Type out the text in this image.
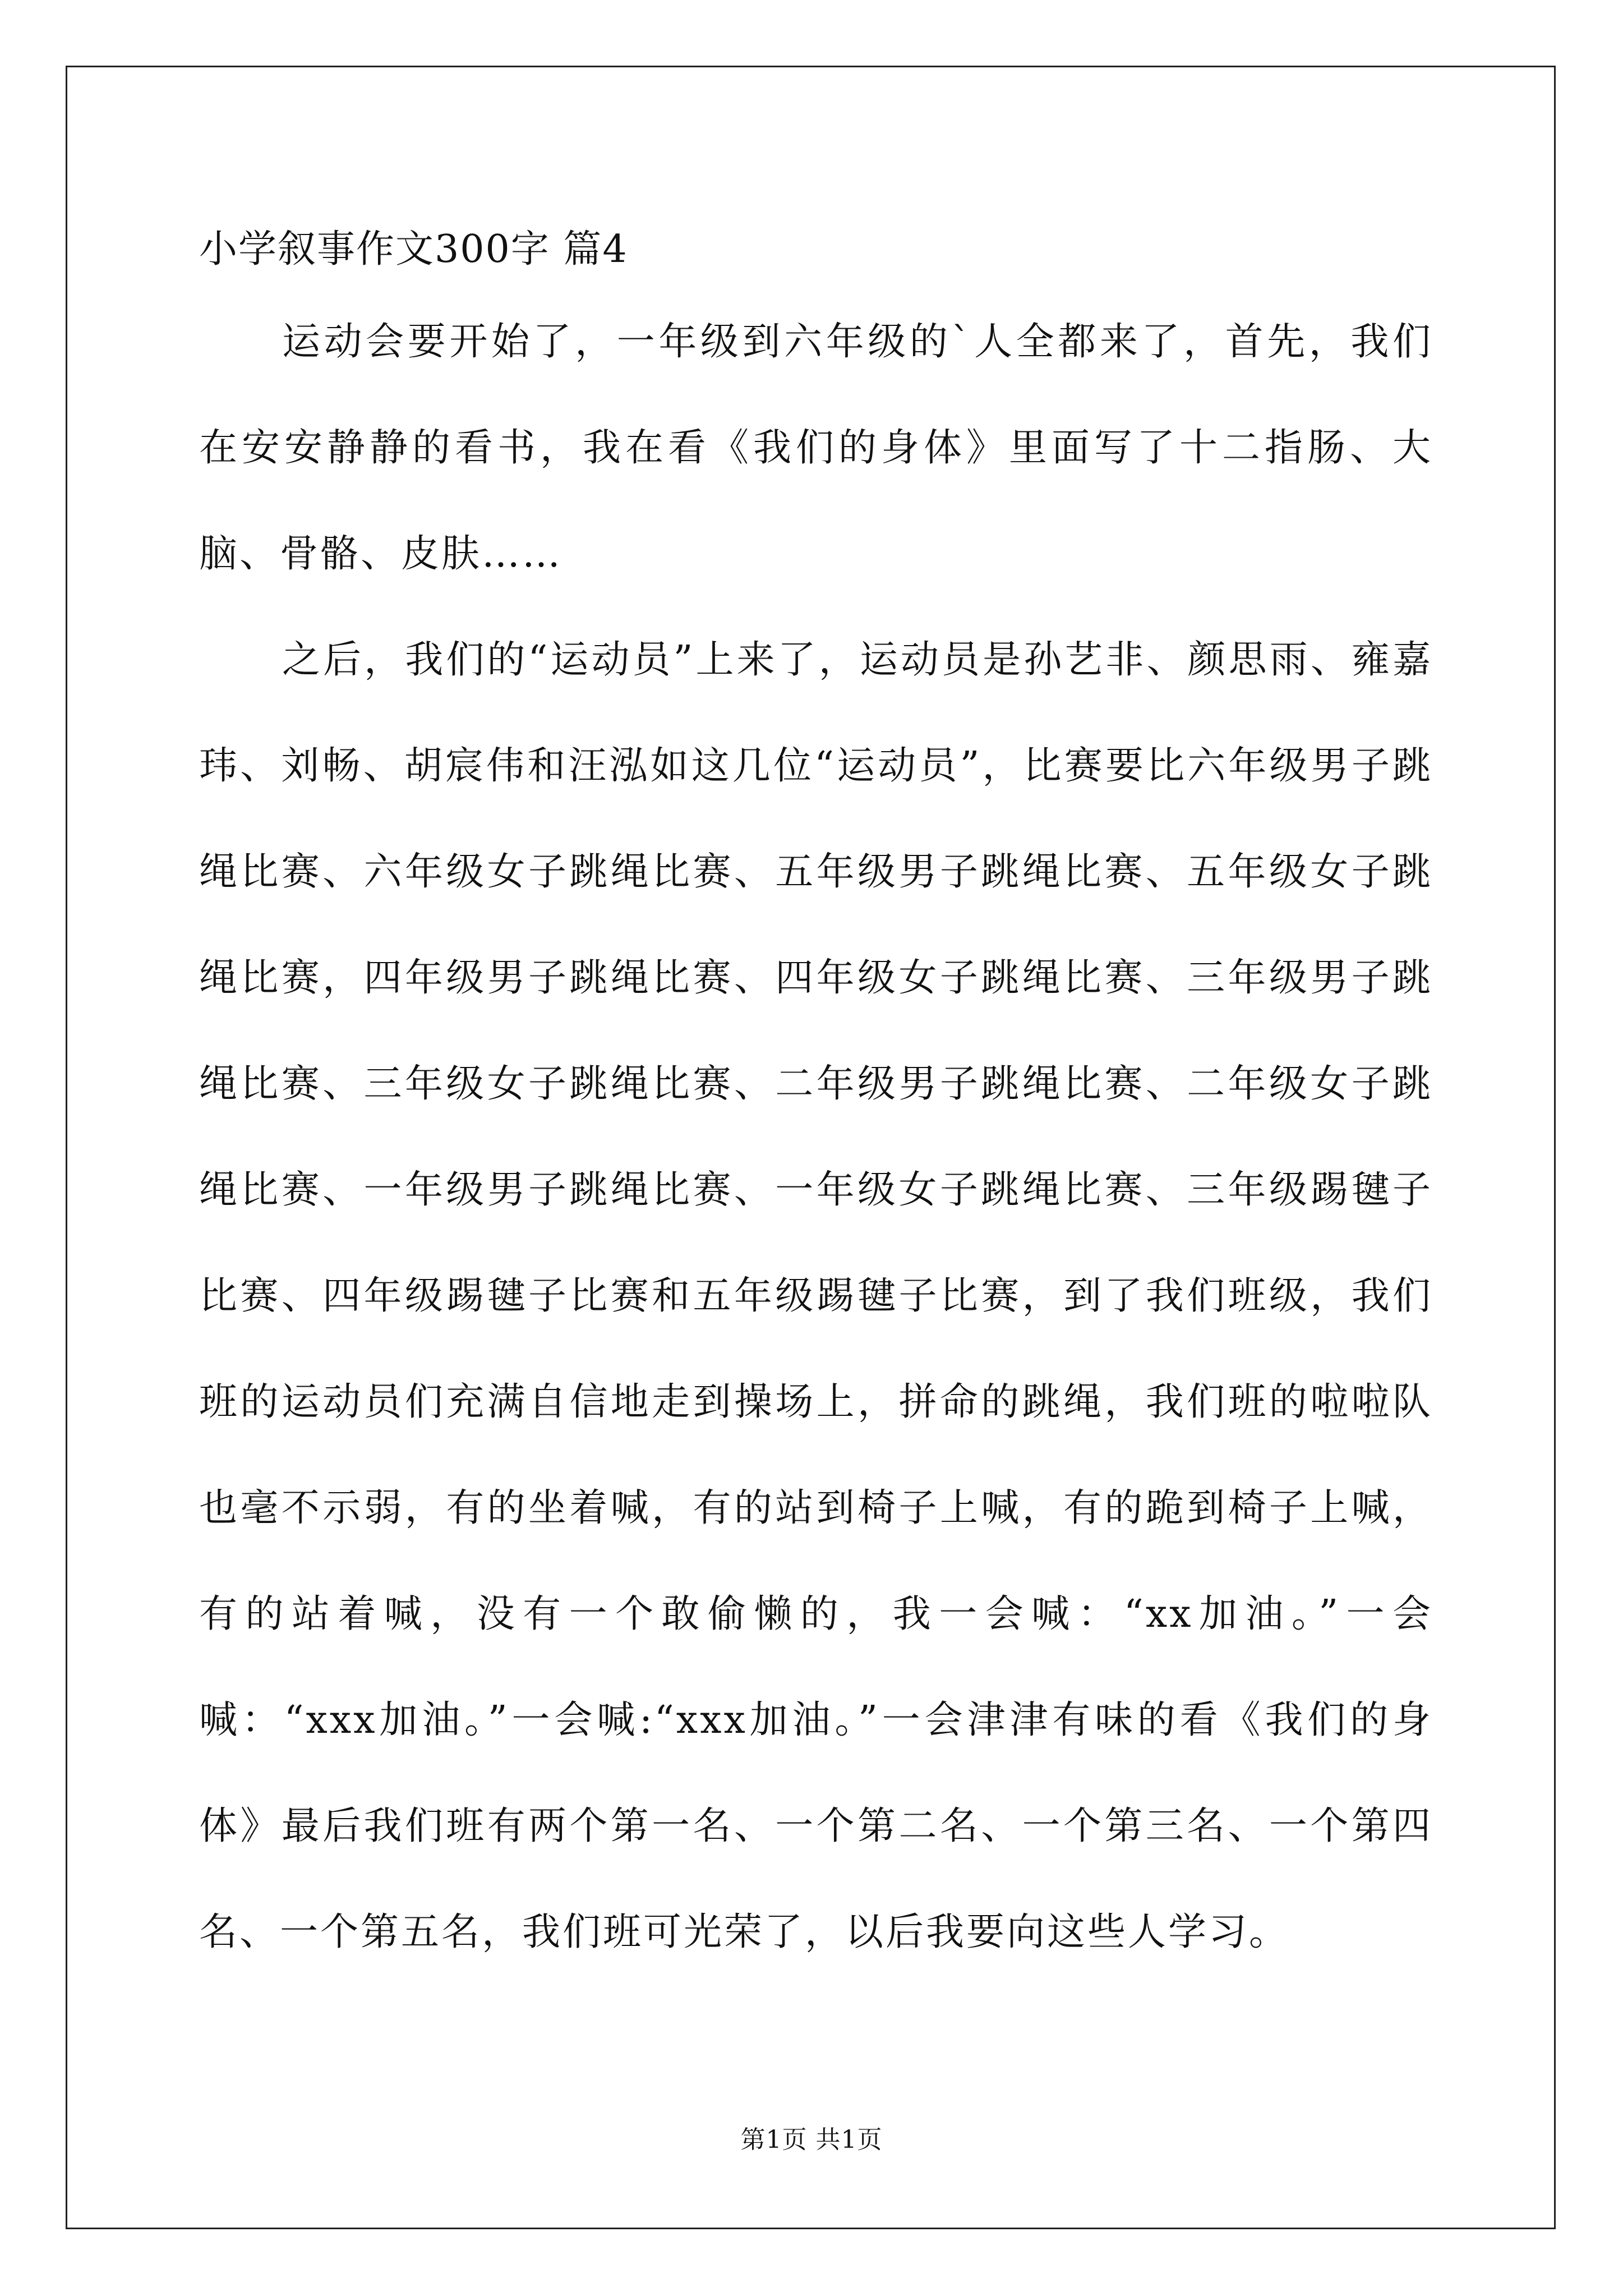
小学叙事作文300字 篇4

运动会要开始了，一年级到六年级的`人全都来了，首先，我们在安安静静的看书，我在看《我们的身体》里面写了十二指肠、大脑、骨骼、皮肤……

之后，我们的“运动员”上来了，运动员是孙艺非、颜思雨、雍嘉玮、刘畅、胡宸伟和汪泓如这几位“运动员”，比赛要比六年级男子跳绳比赛、六年级女子跳绳比赛、五年级男子跳绳比赛、五年级女子跳绳比赛，四年级男子跳绳比赛、四年级女子跳绳比赛、三年级男子跳绳比赛、三年级女子跳绳比赛、二年级男子跳绳比赛、二年级女子跳绳比赛、一年级男子跳绳比赛、一年级女子跳绳比赛、三年级踢毽子比赛、四年级踢毽子比赛和五年级踢毽子比赛，到了我们班级，我们班的运动员们充满自信地走到操场上，拼命的跳绳，我们班的啦啦队也毫不示弱，有的坐着喊，有的站到椅子上喊，有的跪到椅子上喊，有的站着喊，没有一个敢偷懒的，我一会喊：“xx加油。”一会喊：“xxx加油。”一会喊:“xxx加油。”一会津津有味的看《我们的身体》最后我们班有两个第一名、一个第二名、一个第三名、一个第四名、一个第五名，我们班可光荣了，以后我要向这些人学习。

第1页 共1页
